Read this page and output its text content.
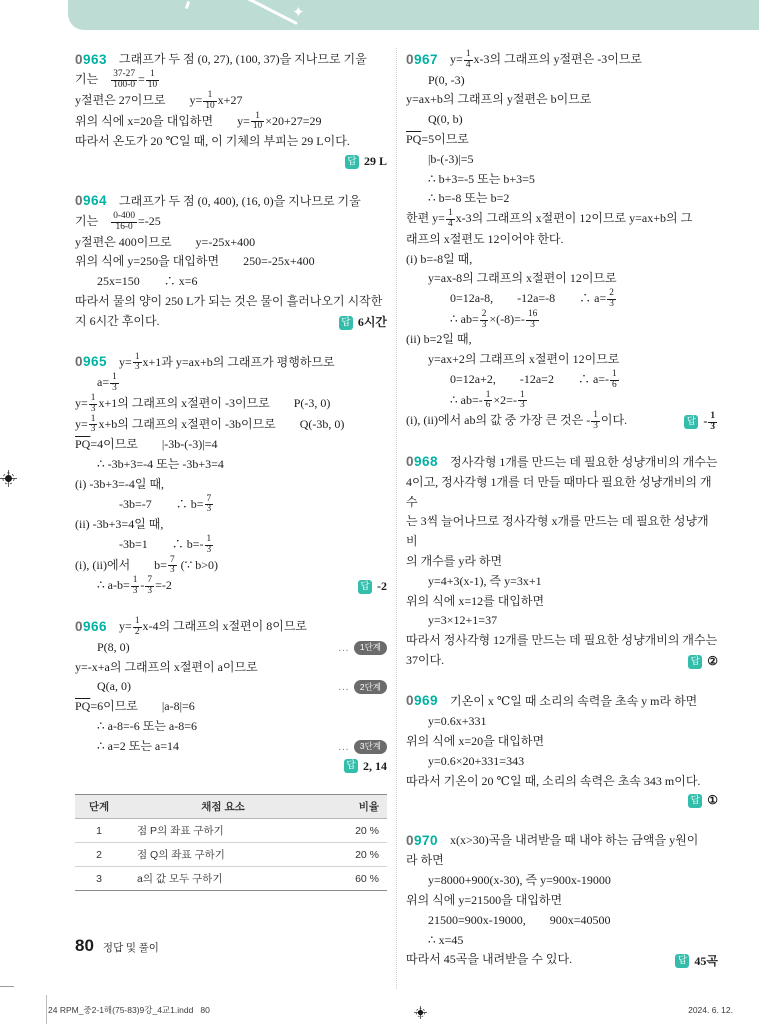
✦
0963 그래프가 두 점 (0, 27), (100, 37)을 지나므로 기울
기는　 $\frac{37-27}{100-0} = \frac{1}{10}$
y절편은 27이므로　　$y= \frac{1}{10} x+27$
위의 식에 x=20을 대입하면　　$y= \frac{1}{10} \times 20+27=29$
따라서 온도가 20 ℃일 때, 이 기체의 부피는 29 L이다.
답 29 L
0964 그래프가 두 점 (0, 400), (16, 0)을 지나므로 기울
기는　 $\frac{0-400}{16-0} =-25$
y절편은 400이므로　　y=-25x+400
위의 식에 y=250을 대입하면　　250=-25x+400
25x=150　　∴ x=6
따라서 물의 양이 250 L가 되는 것은 물이 흘러나오기 시작한
지 6시간 후이다.	답 6시간
0965 $y= \frac{1}{3} x+1$과 y=ax+b의 그래프가 평행하므로
$a= \frac{1}{3}$
$y= \frac{1}{3} x+1$의 그래프의 x절편이 -3이므로　　P(-3, 0)
$y= \frac{1}{3} x+b$의 그래프의 x절편이 -3b이므로　　Q(-3b, 0)
$\overline{PQ}=4$이므로　　|-3b-(-3)|=4
∴ -3b+3=-4 또는 -3b+3=4
(i) -3b+3=-4일 때,
-3b=-7　　∴ $b= \frac{7}{3}$
(ii) -3b+3=4일 때,
-3b=1　　∴ $b=- \frac{1}{3}$
(i), (ii)에서　　$b= \frac{7}{3}$ (∵ b>0)
∴ $a-b= \frac{1}{3} - \frac{7}{3} =-2$	답 -2
0966 $y= \frac{1}{2} x-4$의 그래프의 x절편이 8이므로
P(8, 0)	…	1단계
y=-x+a의 그래프의 x절편이 a이므로
Q(a, 0)	…	2단계
$\overline{PQ}=6$이므로　　|a-8|=6
∴ a-8=-6 또는 a-8=6
∴ a=2 또는 a=14	…	3단계
답 2, 14
단계	채점 요소	비율
1	점 P의 좌표 구하기	20 %
2	점 Q의 좌표 구하기	20 %
3	a의 값 모두 구하기	60 %
0967 $y= \frac{1}{4} x-3$의 그래프의 y절편은 -3이므로
P(0, -3)
y=ax+b의 그래프의 y절편은 b이므로
Q(0, b)
$\overline{PQ}=5$이므로
|b-(-3)|=5
∴ b+3=-5 또는 b+3=5
∴ b=-8 또는 b=2
한편 $y= \frac{1}{4} x-3$의 그래프의 x절편이 12이므로 y=ax+b의 그
래프의 x절편도 12이어야 한다.
(i) b=-8일 때,
y=ax-8의 그래프의 x절편이 12이므로
0=12a-8,　　-12a=-8　　∴ $a= \frac{2}{3}$
∴ $ab= \frac{2}{3} \times(-8)=- \frac{16}{3}$
(ii) b=2일 때,
y=ax+2의 그래프의 x절편이 12이므로
0=12a+2,　　-12a=2　　∴ $a=- \frac{1}{6}$
∴ $ab=- \frac{1}{6} \times 2=- \frac{1}{3}$
(i), (ii)에서 ab의 값 중 가장 큰 것은 - $\frac{1}{3}$ 이다.	답 - $\frac{1}{3}$
0968 정사각형 1개를 만드는 데 필요한 성냥개비의 개수는
4이고, 정사각형 1개를 더 만들 때마다 필요한 성냥개비의 개수
는 3씩 늘어나므로 정사각형 x개를 만드는 데 필요한 성냥개비
의 개수를 y라 하면
y=4+3(x-1), 즉 y=3x+1
위의 식에 x=12를 대입하면
y=3×12+1=37
따라서 정사각형 12개를 만드는 데 필요한 성냥개비의 개수는
37이다.	답 ②
0969 기온이 x ℃일 때 소리의 속력을 초속 y m라 하면
y=0.6x+331
위의 식에 x=20을 대입하면
y=0.6×20+331=343
따라서 기온이 20 ℃일 때, 소리의 속력은 초속 343 m이다.
답 ①
0970 x(x>30)곡을 내려받을 때 내야 하는 금액을 y원이
라 하면
y=8000+900(x-30), 즉 y=900x-19000
위의 식에 y=21500을 대입하면
21500=900x-19000,　　900x=40500
∴ x=45
따라서 45곡을 내려받을 수 있다.	답 45곡
80 정답 및 풀이
24 RPM_중2-1해(75-83)9강_4교1.indd 80	2024. 6. 12.
